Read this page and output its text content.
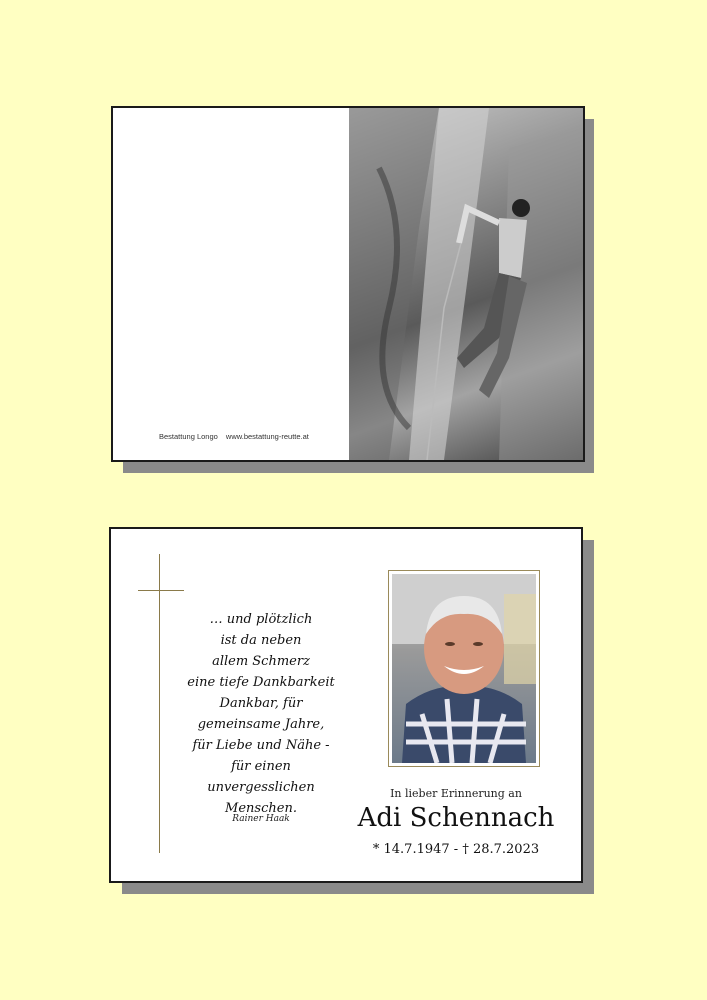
Bestattung Longo www.bestattung-reutte.at
… und plötzlich
ist da neben
allem Schmerz
eine tiefe Dankbarkeit
Dankbar, für
gemeinsame Jahre,
für Liebe und Nähe -
für einen
unvergesslichen
Menschen.
Rainer Haak
In lieber Erinnerung an
Adi Schennach
* 14.7.1947 - † 28.7.2023
